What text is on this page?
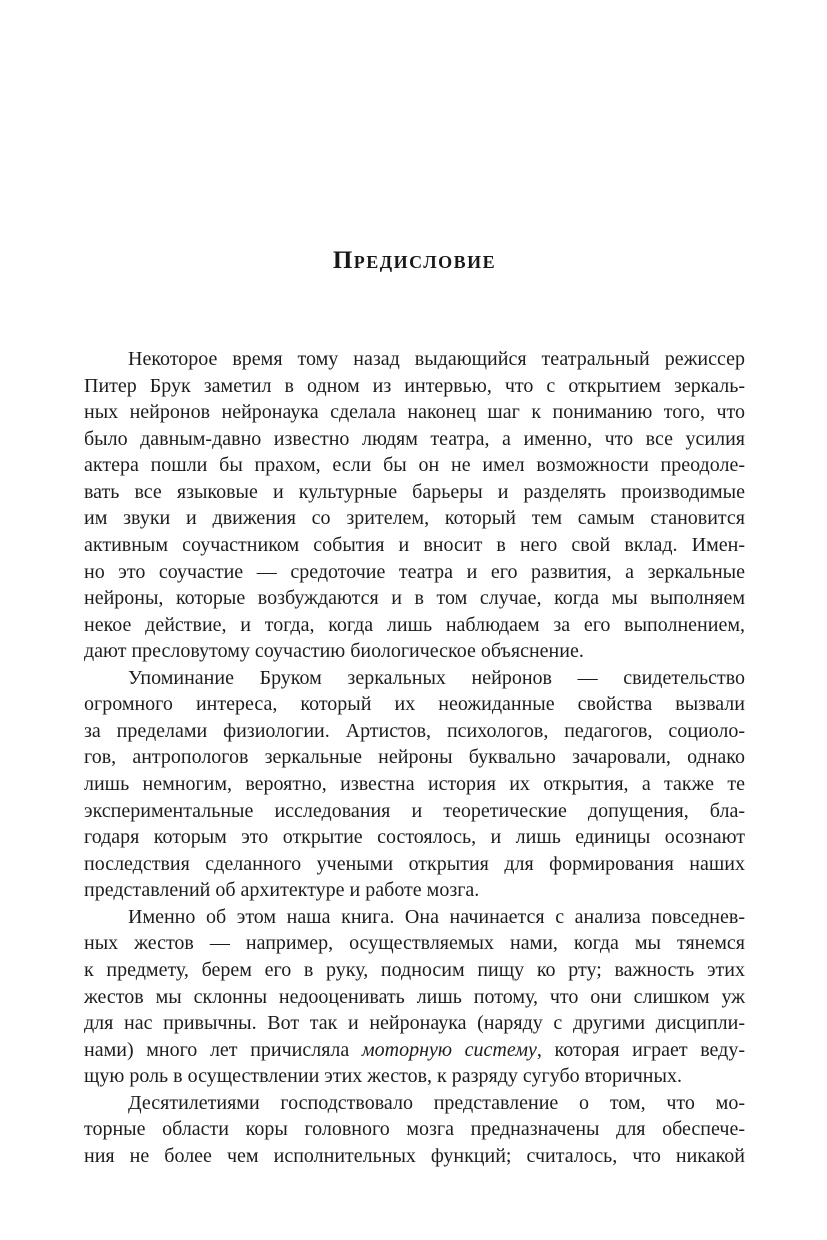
Предисловие
Некоторое время тому назад выдающийся театральный режиссер
Питер Брук заметил в одном из интервью, что с открытием зеркаль-
ных нейронов нейронаука сделала наконец шаг к пониманию того, что
было давным-давно известно людям театра, а именно, что все усилия
актера пошли бы прахом, если бы он не имел возможности преодоле-
вать все языковые и культурные барьеры и разделять производимые
им звуки и движения со зрителем, который тем самым становится
активным соучастником события и вносит в него свой вклад. Имен-
но это соучастие — средоточие театра и его развития, а зеркальные
нейроны, которые возбуждаются и в том случае, когда мы выполняем
некое действие, и тогда, когда лишь наблюдаем за его выполнением,
дают пресловутому соучастию биологическое объяснение.
Упоминание Бруком зеркальных нейронов — свидетельство
огромного интереса, который их неожиданные свойства вызвали
за пределами физиологии. Артистов, психологов, педагогов, социоло-
гов, антропологов зеркальные нейроны буквально зачаровали, однако
лишь немногим, вероятно, известна история их открытия, а также те
экспериментальные исследования и теоретические допущения, бла-
годаря которым это открытие состоялось, и лишь единицы осознают
последствия сделанного учеными открытия для формирования наших
представлений об архитектуре и работе мозга.
Именно об этом наша книга. Она начинается с анализа повседнев-
ных жестов — например, осуществляемых нами, когда мы тянемся
к предмету, берем его в руку, подносим пищу ко рту; важность этих
жестов мы склонны недооценивать лишь потому, что они слишком уж
для нас привычны. Вот так и нейронаука (наряду с другими дисципли-
нами) много лет причисляла моторную систему, которая играет веду-
щую роль в осуществлении этих жестов, к разряду сугубо вторичных.
Десятилетиями господствовало представление о том, что мо-
торные области коры головного мозга предназначены для обеспече-
ния не более чем исполнительных функций; считалось, что никакой
